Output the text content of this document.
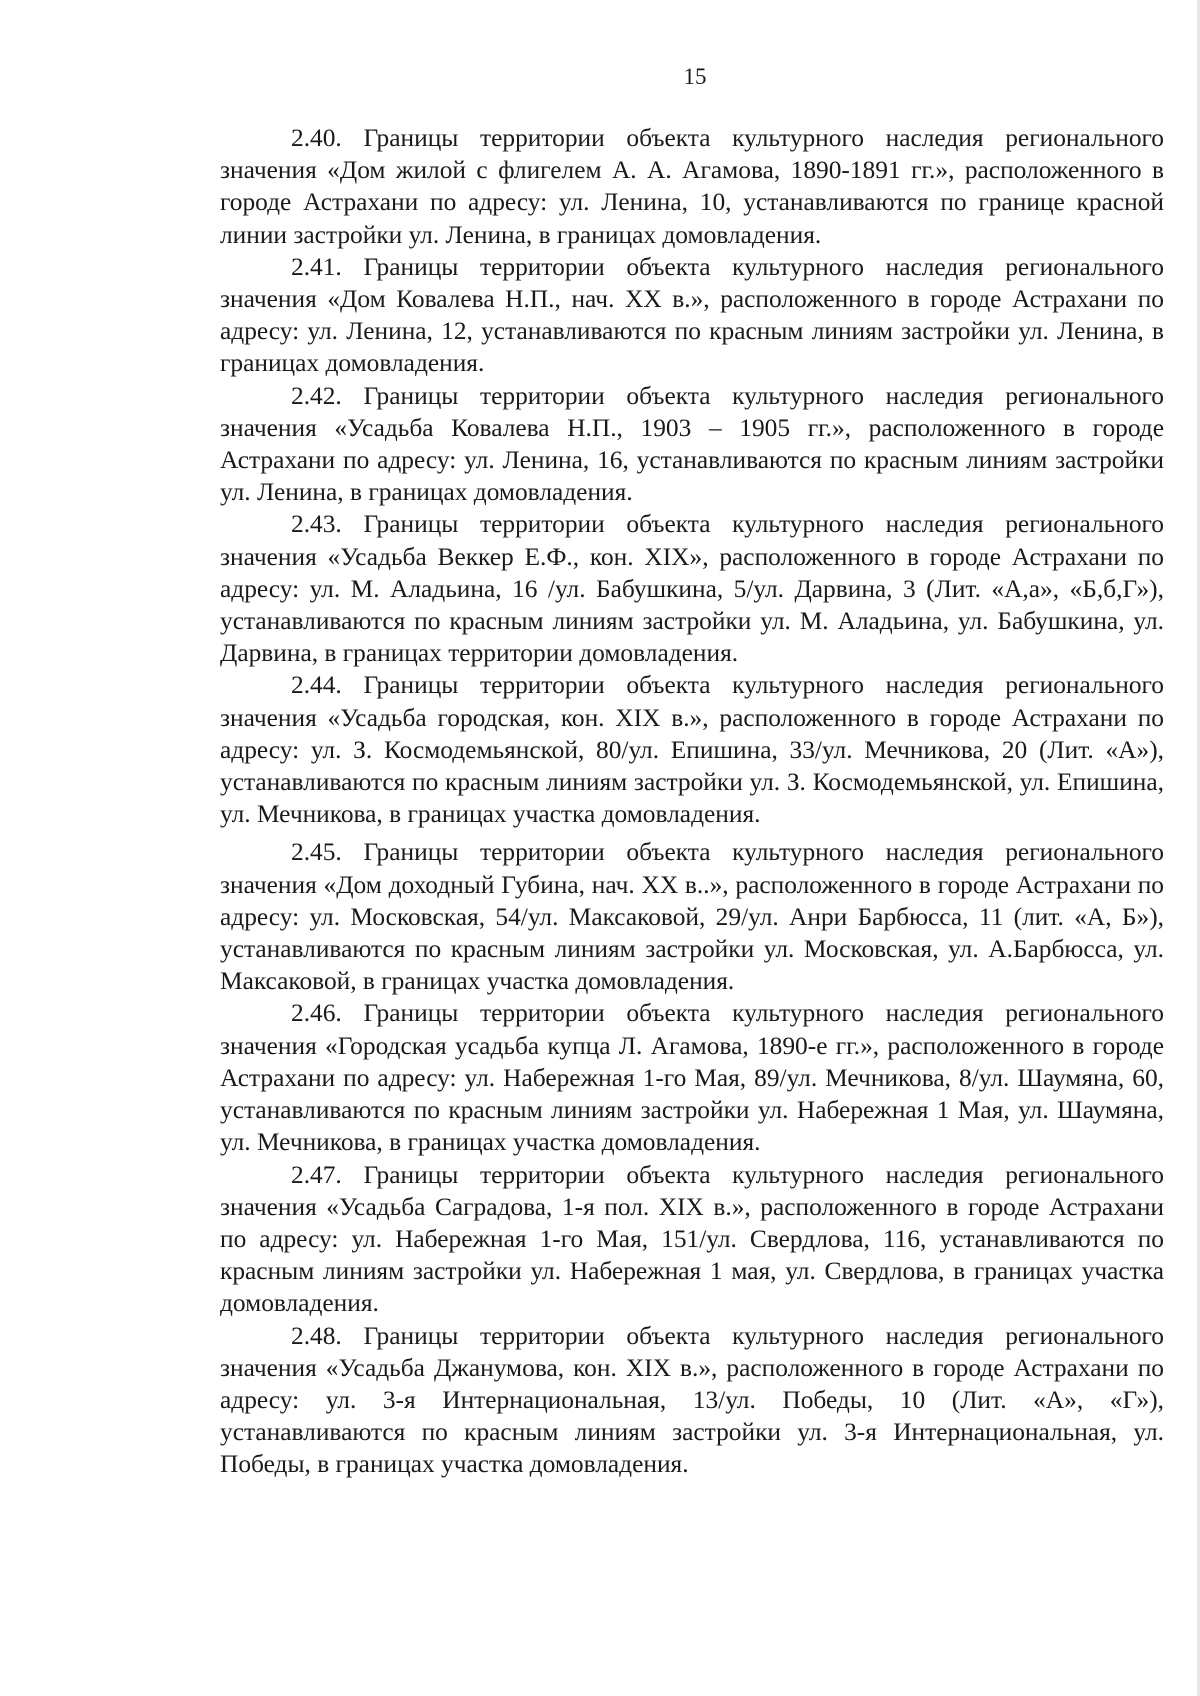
15

2.40. Границы территории объекта культурного наследия регионального значения «Дом жилой с флигелем А. А. Агамова, 1890-1891 гг.», расположенного в городе Астрахани по адресу: ул. Ленина, 10, устанавливаются по границе красной линии застройки ул. Ленина, в границах домовладения.

2.41. Границы территории объекта культурного наследия регионального значения «Дом Ковалева Н.П., нач. XX в.», расположенного в городе Астрахани по адресу: ул. Ленина, 12, устанавливаются по красным линиям застройки ул. Ленина, в границах домовладения.

2.42. Границы территории объекта культурного наследия регионального значения «Усадьба Ковалева Н.П., 1903 – 1905 гг.», расположенного в городе Астрахани по адресу: ул. Ленина, 16, устанавливаются по красным линиям застройки ул. Ленина, в границах домовладения.

2.43. Границы территории объекта культурного наследия регионального значения «Усадьба Веккер Е.Ф., кон. XIX», расположенного в городе Астрахани по адресу: ул. М. Аладьина, 16 /ул. Бабушкина, 5/ул. Дарвина, 3 (Лит. «А,а», «Б,б,Г»), устанавливаются по красным линиям застройки ул. М. Аладьина, ул. Бабушкина, ул. Дарвина, в границах территории домовладения.

2.44. Границы территории объекта культурного наследия регионального значения «Усадьба городская, кон. XIX в.», расположенного в городе Астрахани по адресу: ул. З. Космодемьянской, 80/ул. Епишина, 33/ул. Мечникова, 20 (Лит. «А»), устанавливаются по красным линиям застройки ул. З. Космодемьянской, ул. Епишина, ул. Мечникова, в границах участка домовладения.

2.45. Границы территории объекта культурного наследия регионального значения «Дом доходный Губина, нач. XX в..», расположенного в городе Астрахани по адресу: ул. Московская, 54/ул. Максаковой, 29/ул. Анри Барбюсса, 11 (лит. «А, Б»), устанавливаются по красным линиям застройки ул. Московская, ул. А.Барбюсса, ул. Максаковой, в границах участка домовладения.

2.46. Границы территории объекта культурного наследия регионального значения «Городская усадьба купца Л. Агамова, 1890-е гг.», расположенного в городе Астрахани по адресу: ул. Набережная 1-го Мая, 89/ул. Мечникова, 8/ул. Шаумяна, 60, устанавливаются по красным линиям застройки ул. Набережная 1 Мая, ул. Шаумяна, ул. Мечникова, в границах участка домовладения.

2.47. Границы территории объекта культурного наследия регионального значения «Усадьба Саградова, 1-я пол. XIX в.», расположенного в городе Астрахани по адресу: ул. Набережная 1-го Мая, 151/ул. Свердлова, 116, устанавливаются по красным линиям застройки ул. Набережная 1 мая, ул. Свердлова, в границах участка домовладения.

2.48. Границы территории объекта культурного наследия регионального значения «Усадьба Джанумова, кон. XIX в.», расположенного в городе Астрахани по адресу: ул. 3-я Интернациональная, 13/ул. Победы, 10 (Лит. «А», «Г»), устанавливаются по красным линиям застройки ул. 3-я Интернациональная, ул. Победы, в границах участка домовладения.
